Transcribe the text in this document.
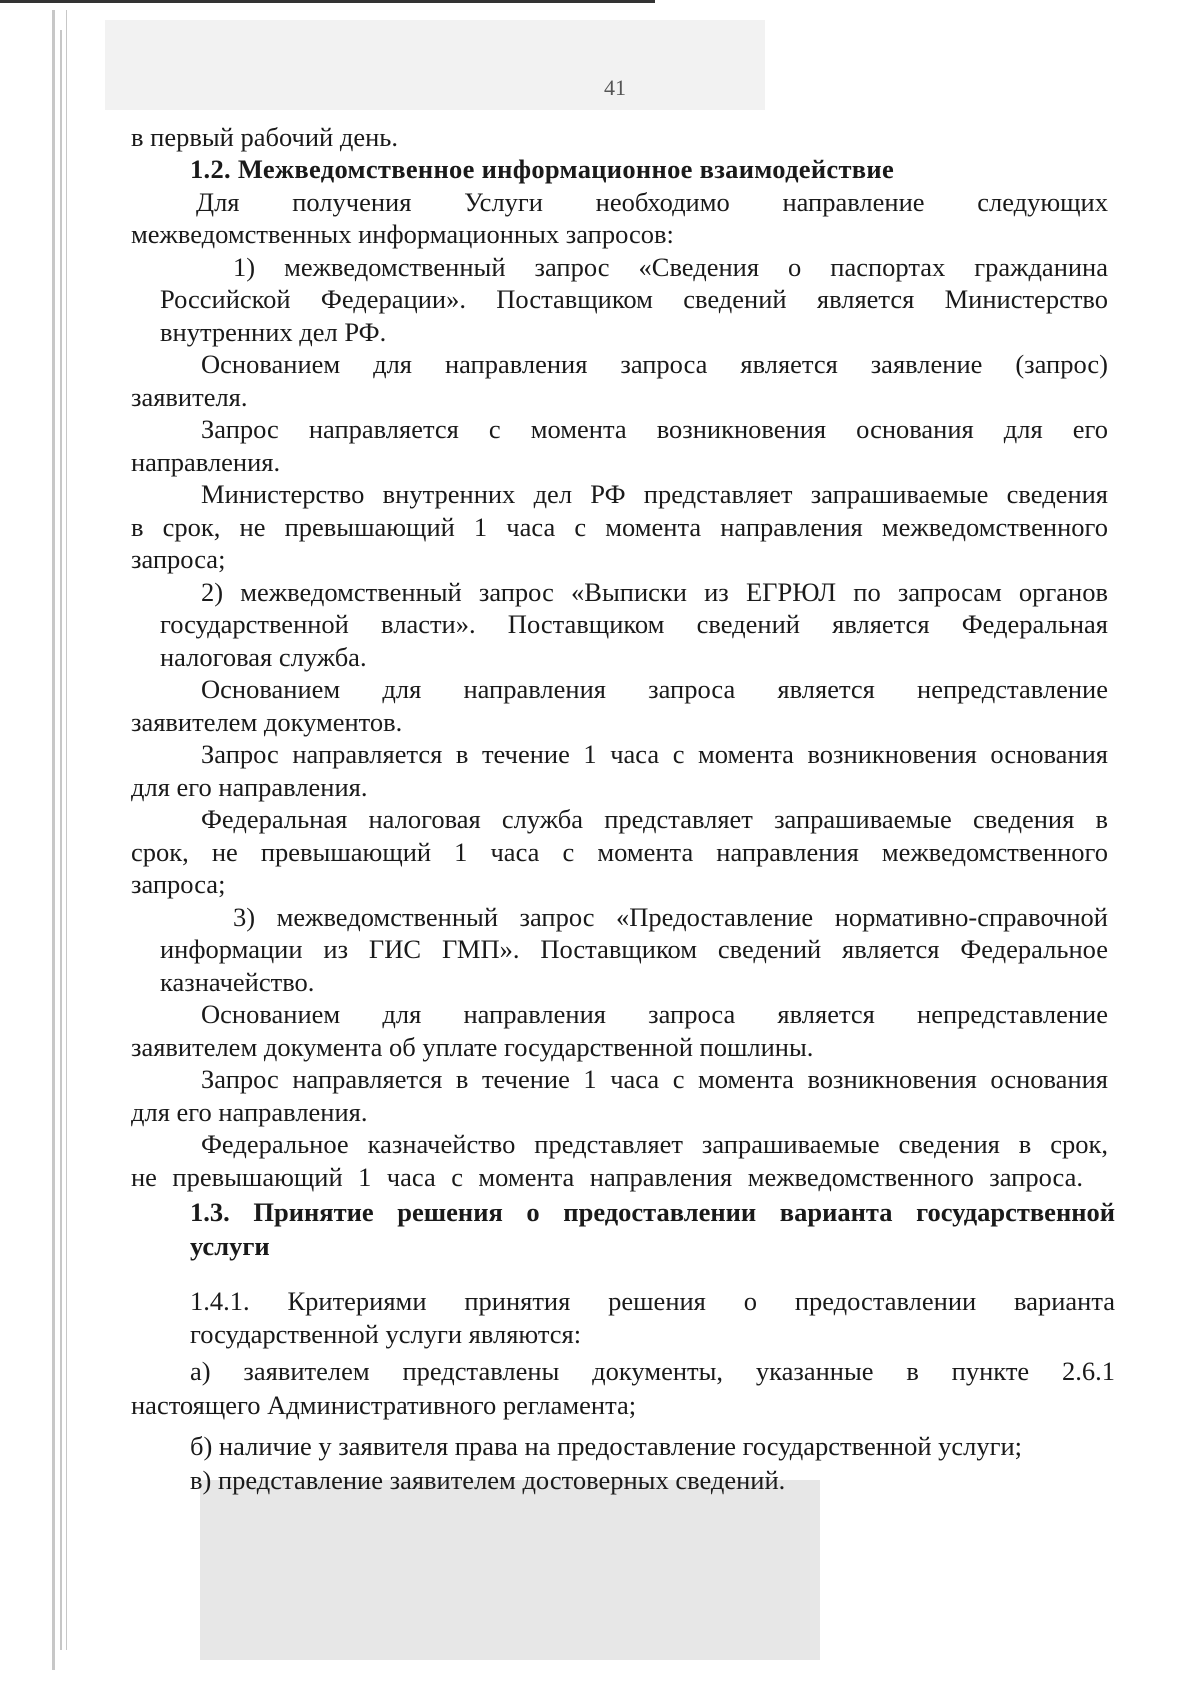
41
в первый рабочий день.
1.2. Межведомственное информационное взаимодействие
Для получения Услуги необходимо направление следующих
межведомственных информационных запросов:
1) межведомственный запрос «Сведения о паспортах гражданина
Российской Федерации». Поставщиком сведений является Министерство
внутренних дел РФ.
Основанием для направления запроса является заявление (запрос)
заявителя.
Запрос направляется с момента возникновения основания для его
направления.
Министерство внутренних дел РФ представляет запрашиваемые сведения
в срок, не превышающий 1 часа с момента направления межведомственного
запроса;
2) межведомственный запрос «Выписки из ЕГРЮЛ по запросам органов
государственной власти». Поставщиком сведений является Федеральная
налоговая служба.
Основанием для направления запроса является непредставление
заявителем документов.
Запрос направляется в течение 1 часа с момента возникновения основания
для его направления.
Федеральная налоговая служба представляет запрашиваемые сведения в
срок, не превышающий 1 часа с момента направления межведомственного
запроса;
3) межведомственный запрос «Предоставление нормативно-справочной
информации из ГИС ГМП». Поставщиком сведений является Федеральное
казначейство.
Основанием для направления запроса является непредставление
заявителем документа об уплате государственной пошлины.
Запрос направляется в течение 1 часа с момента возникновения основания
для его направления.
Федеральное казначейство представляет запрашиваемые сведения в срок,
не превышающий 1 часа с момента направления межведомственного запроса.
1.3. Принятие решения о предоставлении варианта государственной
услуги
1.4.1. Критериями принятия решения о предоставлении варианта
государственной услуги являются:
а) заявителем представлены документы, указанные в пункте 2.6.1
настоящего Административного регламента;
б) наличие у заявителя права на предоставление государственной услуги;
в) представление заявителем достоверных сведений.
